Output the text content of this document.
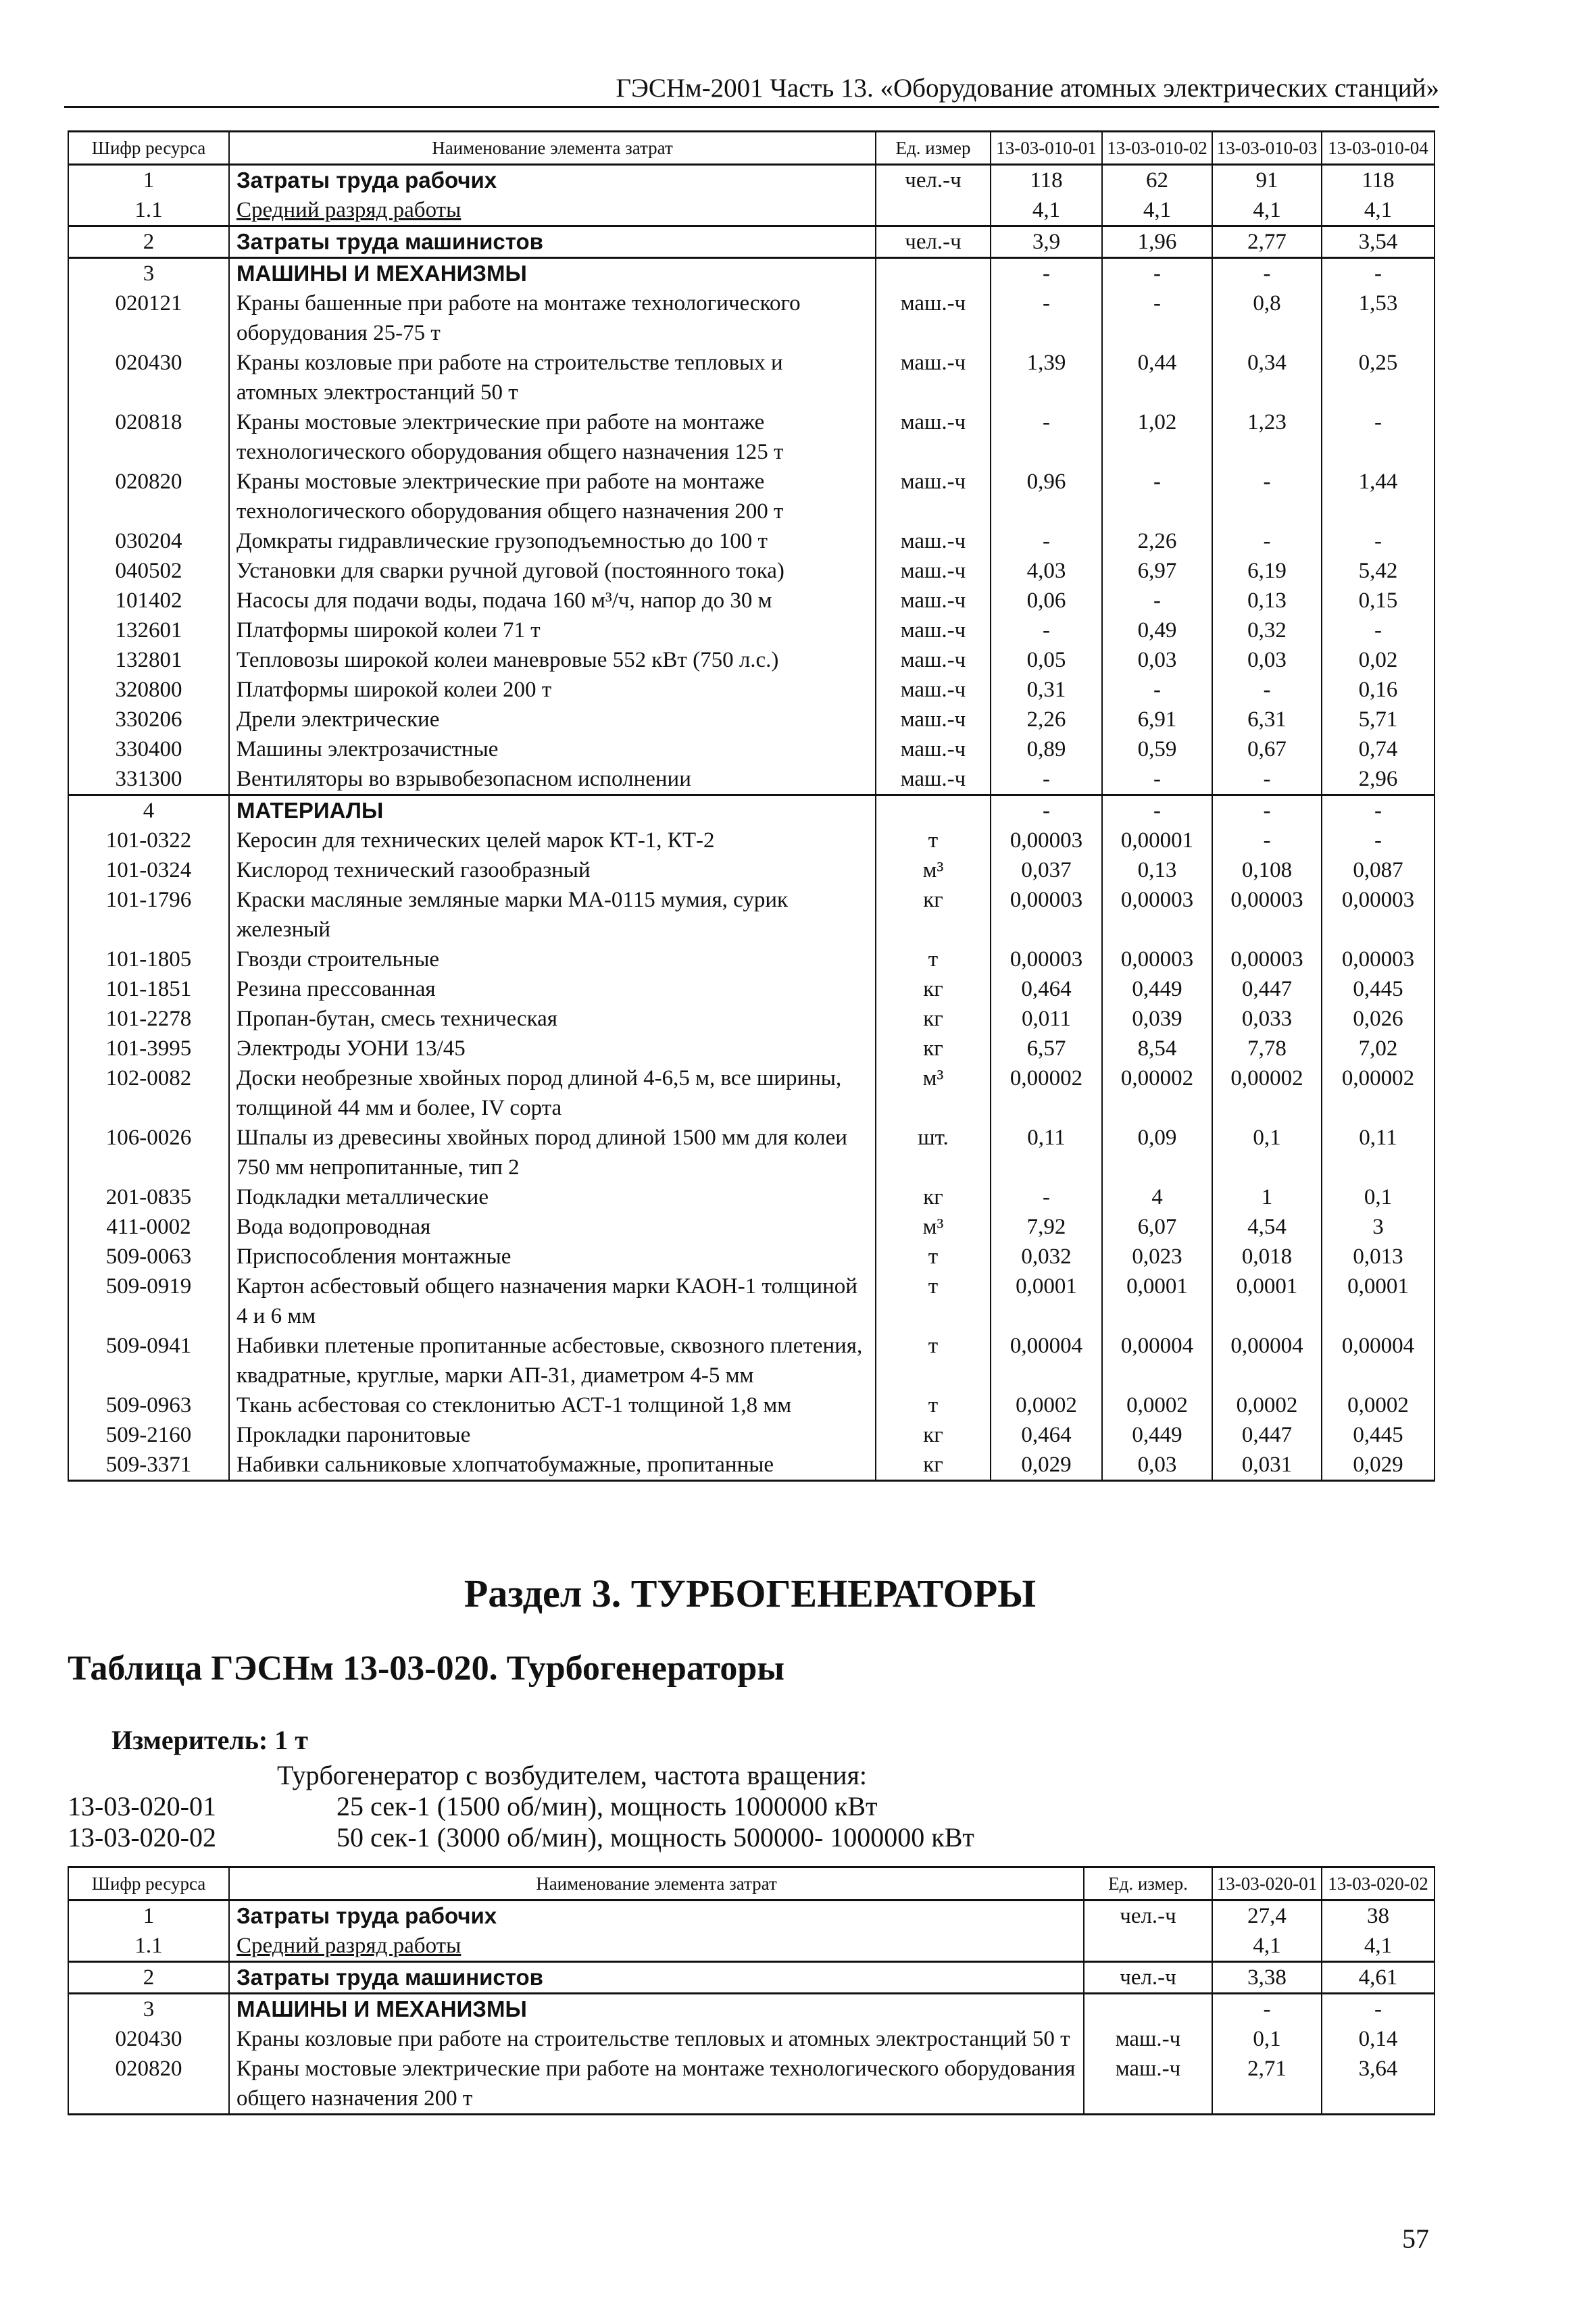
ГЭСНм-2001 Часть 13. «Оборудование атомных электрических станций»
Шифр ресурса	Наименование элемента затрат	Ед. измер	13-03-010-01	13-03-010-02	13-03-010-03	13-03-010-04
1	Затраты труда рабочих	чел.-ч	118	62	91	118
1.1	Средний разряд работы		4,1	4,1	4,1	4,1
2	Затраты труда машинистов	чел.-ч	3,9	1,96	2,77	3,54
3	МАШИНЫ И МЕХАНИЗМЫ		-	-	-	-
020121	Краны башенные при работе на монтаже технологического оборудования 25-75 т	маш.-ч	-	-	0,8	1,53
020430	Краны козловые при работе на строительстве тепловых и атомных электростанций 50 т	маш.-ч	1,39	0,44	0,34	0,25
020818	Краны мостовые электрические при работе на монтаже технологического оборудования общего назначения 125 т	маш.-ч	-	1,02	1,23	-
020820	Краны мостовые электрические при работе на монтаже технологического оборудования общего назначения 200 т	маш.-ч	0,96	-	-	1,44
030204	Домкраты гидравлические грузоподъемностью до 100 т	маш.-ч	-	2,26	-	-
040502	Установки для сварки ручной дуговой (постоянного тока)	маш.-ч	4,03	6,97	6,19	5,42
101402	Насосы для подачи воды, подача 160 м³/ч, напор до 30 м	маш.-ч	0,06	-	0,13	0,15
132601	Платформы широкой колеи 71 т	маш.-ч	-	0,49	0,32	-
132801	Тепловозы широкой колеи маневровые 552 кВт (750 л.с.)	маш.-ч	0,05	0,03	0,03	0,02
320800	Платформы широкой колеи 200 т	маш.-ч	0,31	-	-	0,16
330206	Дрели электрические	маш.-ч	2,26	6,91	6,31	5,71
330400	Машины электрозачистные	маш.-ч	0,89	0,59	0,67	0,74
331300	Вентиляторы во взрывобезопасном исполнении	маш.-ч	-	-	-	2,96
4	МАТЕРИАЛЫ		-	-	-	-
101-0322	Керосин для технических целей марок КТ-1, КТ-2	т	0,00003	0,00001	-	-
101-0324	Кислород технический газообразный	м³	0,037	0,13	0,108	0,087
101-1796	Краски масляные земляные марки МА-0115 мумия, сурик железный	кг	0,00003	0,00003	0,00003	0,00003
101-1805	Гвозди строительные	т	0,00003	0,00003	0,00003	0,00003
101-1851	Резина прессованная	кг	0,464	0,449	0,447	0,445
101-2278	Пропан-бутан, смесь техническая	кг	0,011	0,039	0,033	0,026
101-3995	Электроды УОНИ 13/45	кг	6,57	8,54	7,78	7,02
102-0082	Доски необрезные хвойных пород длиной 4-6,5 м, все ширины, толщиной 44 мм и более, IV сорта	м³	0,00002	0,00002	0,00002	0,00002
106-0026	Шпалы из древесины хвойных пород длиной 1500 мм для колеи 750 мм непропитанные, тип 2	шт.	0,11	0,09	0,1	0,11
201-0835	Подкладки металлические	кг	-	4	1	0,1
411-0002	Вода водопроводная	м³	7,92	6,07	4,54	3
509-0063	Приспособления монтажные	т	0,032	0,023	0,018	0,013
509-0919	Картон асбестовый общего назначения марки КАОН-1 толщиной 4 и 6 мм	т	0,0001	0,0001	0,0001	0,0001
509-0941	Набивки плетеные пропитанные асбестовые, сквозного плетения, квадратные, круглые, марки АП-31, диаметром 4-5 мм	т	0,00004	0,00004	0,00004	0,00004
509-0963	Ткань асбестовая со стеклонитью АСТ-1 толщиной 1,8 мм	т	0,0002	0,0002	0,0002	0,0002
509-2160	Прокладки паронитовые	кг	0,464	0,449	0,447	0,445
509-3371	Набивки сальниковые хлопчатобумажные, пропитанные	кг	0,029	0,03	0,031	0,029
Раздел 3. ТУРБОГЕНЕРАТОРЫ
Таблица ГЭСНм 13-03-020. Турбогенераторы
Измеритель: 1 т
Турбогенератор с возбудителем, частота вращения:
13-03-020-01	25 сек-1 (1500 об/мин), мощность 1000000 кВт
13-03-020-02	50 сек-1 (3000 об/мин), мощность 500000- 1000000 кВт
Шифр ресурса	Наименование элемента затрат	Ед. измер.	13-03-020-01	13-03-020-02
1	Затраты труда рабочих	чел.-ч	27,4	38
1.1	Средний разряд работы		4,1	4,1
2	Затраты труда машинистов	чел.-ч	3,38	4,61
3	МАШИНЫ И МЕХАНИЗМЫ		-	-
020430	Краны козловые при работе на строительстве тепловых и атомных электростанций 50 т	маш.-ч	0,1	0,14
020820	Краны мостовые электрические при работе на монтаже технологического оборудования общего назначения 200 т	маш.-ч	2,71	3,64
57
